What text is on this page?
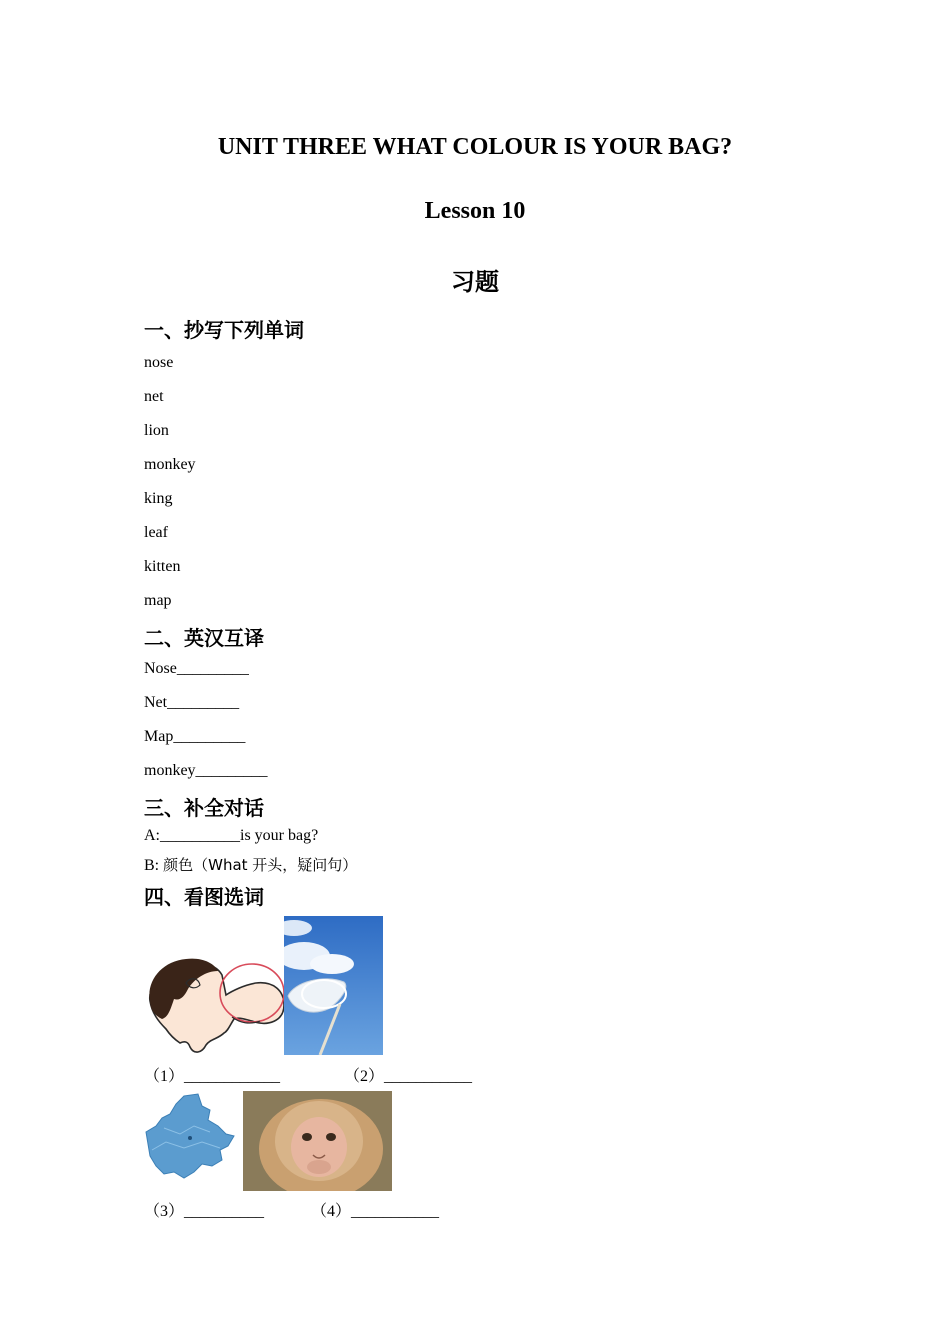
UNIT THREE WHAT COLOUR IS YOUR BAG?
Lesson 10
习题
一、抄写下列单词
nose
net
lion
monkey
king
leaf
kitten
map
二、英汉互译
Nose_________
Net_________
Map_________
monkey_________
三、补全对话
A:__________is your bag?
B: 颜色（What 开头，疑问句）
四、看图选词
（1）____________	（2）___________
（3）__________	（4）___________
